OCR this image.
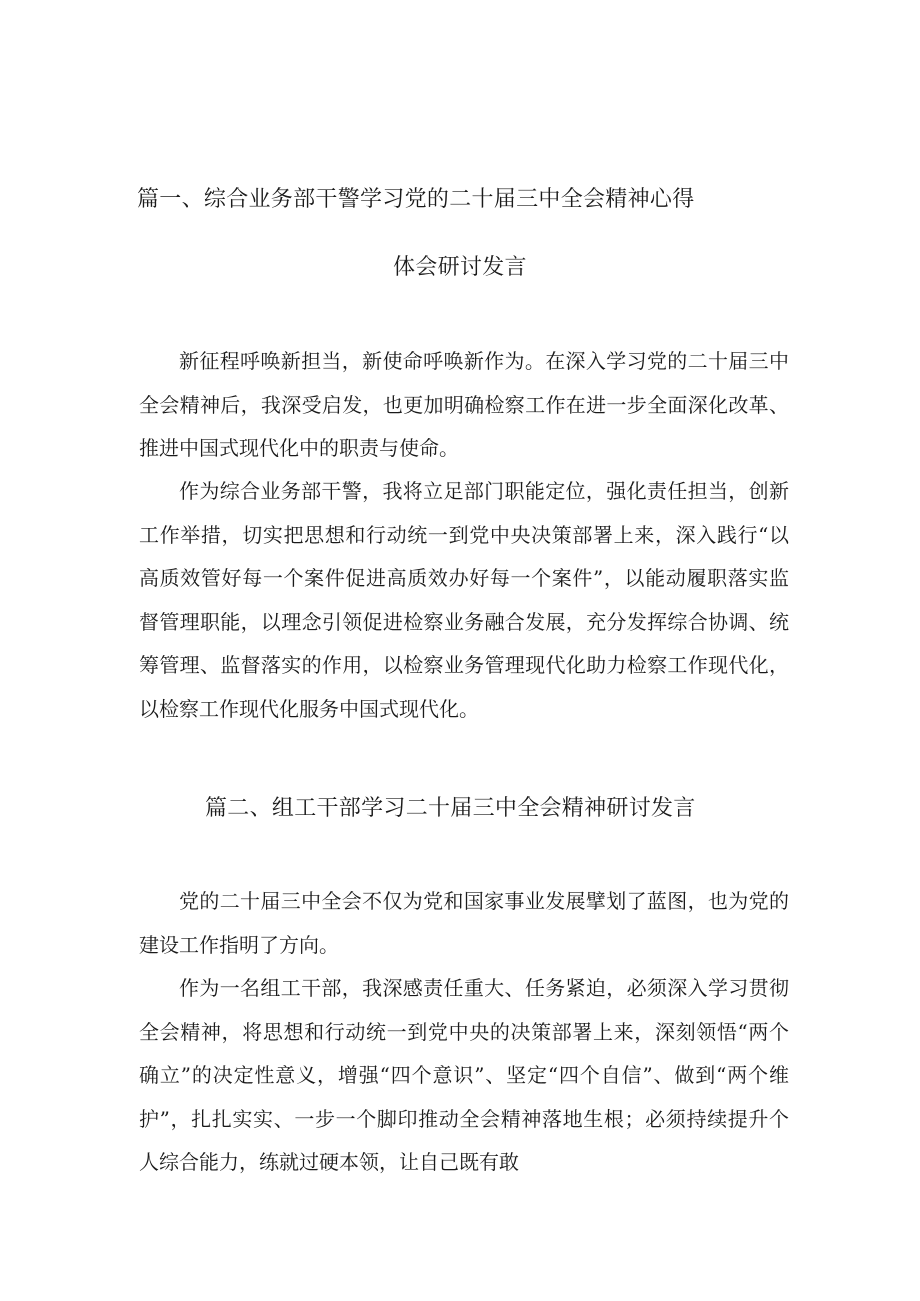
篇一、综合业务部干警学习党的二十届三中全会精神心得
体会研讨发言

新征程呼唤新担当，新使命呼唤新作为。在深入学习党的二十届三中全会精神后，我深受启发，也更加明确检察工作在进一步全面深化改革、推进中国式现代化中的职责与使命。

作为综合业务部干警，我将立足部门职能定位，强化责任担当，创新工作举措，切实把思想和行动统一到党中央决策部署上来，深入践行“以高质效管好每一个案件促进高质效办好每一个案件”，以能动履职落实监督管理职能，以理念引领促进检察业务融合发展，充分发挥综合协调、统筹管理、监督落实的作用，以检察业务管理现代化助力检察工作现代化，以检察工作现代化服务中国式现代化。

篇二、组工干部学习二十届三中全会精神研讨发言

党的二十届三中全会不仅为党和国家事业发展擘划了蓝图，也为党的建设工作指明了方向。

作为一名组工干部，我深感责任重大、任务紧迫，必须深入学习贯彻全会精神，将思想和行动统一到党中央的决策部署上来，深刻领悟“两个确立”的决定性意义，增强“四个意识”、坚定“四个自信”、做到“两个维护”，扎扎实实、一步一个脚印推动全会精神落地生根；必须持续提升个人综合能力，练就过硬本领，让自己既有敢
